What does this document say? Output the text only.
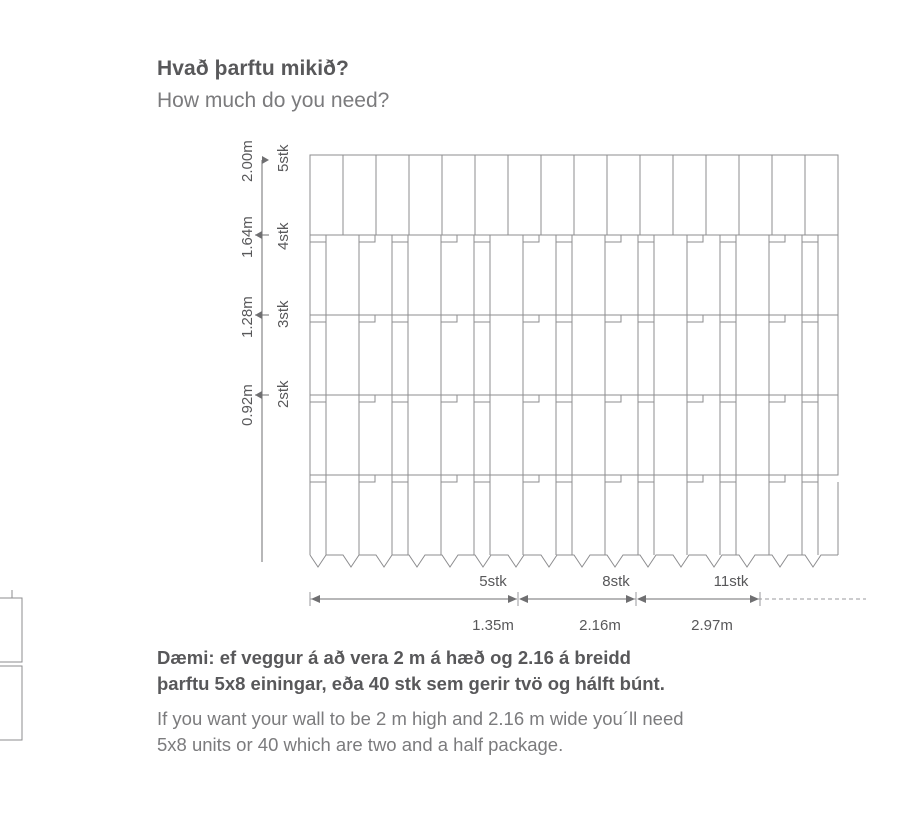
Hvað þarftu mikið?

How much do you need?

5stk
4stk
3stk
2stk
2.00m
1.64m
1.28m
0.92m
5stk	8stk	11stk
1.35m	2.16m	2.97m

Dæmi: ef veggur á að vera 2 m á hæð og 2.16 á breidd

þarftu 5x8 einingar, eða 40 stk sem gerir tvö og hálft búnt.

If you want your wall to be 2 m high and 2.16 m wide you´ll need

5x8 units or 40 which are two and a half package.
